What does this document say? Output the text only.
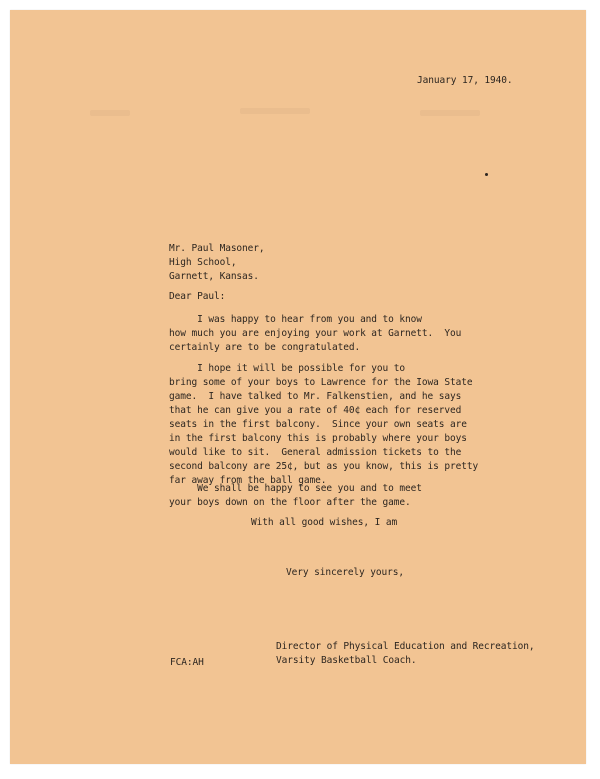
January 17, 1940.
Mr. Paul Masoner,
High School,
Garnett, Kansas.
Dear Paul:
I was happy to hear from you and to know
how much you are enjoying your work at Garnett.  You
certainly are to be congratulated.
I hope it will be possible for you to
bring some of your boys to Lawrence for the Iowa State
game.  I have talked to Mr. Falkenstien, and he says
that he can give you a rate of 40¢ each for reserved
seats in the first balcony.  Since your own seats are
in the first balcony this is probably where your boys
would like to sit.  General admission tickets to the
second balcony are 25¢, but as you know, this is pretty
far away from the ball game.
We shall be happy to see you and to meet
your boys down on the floor after the game.
With all good wishes, I am
Very sincerely yours,
FCA:AH
Director of Physical Education and Recreation,
Varsity Basketball Coach.
